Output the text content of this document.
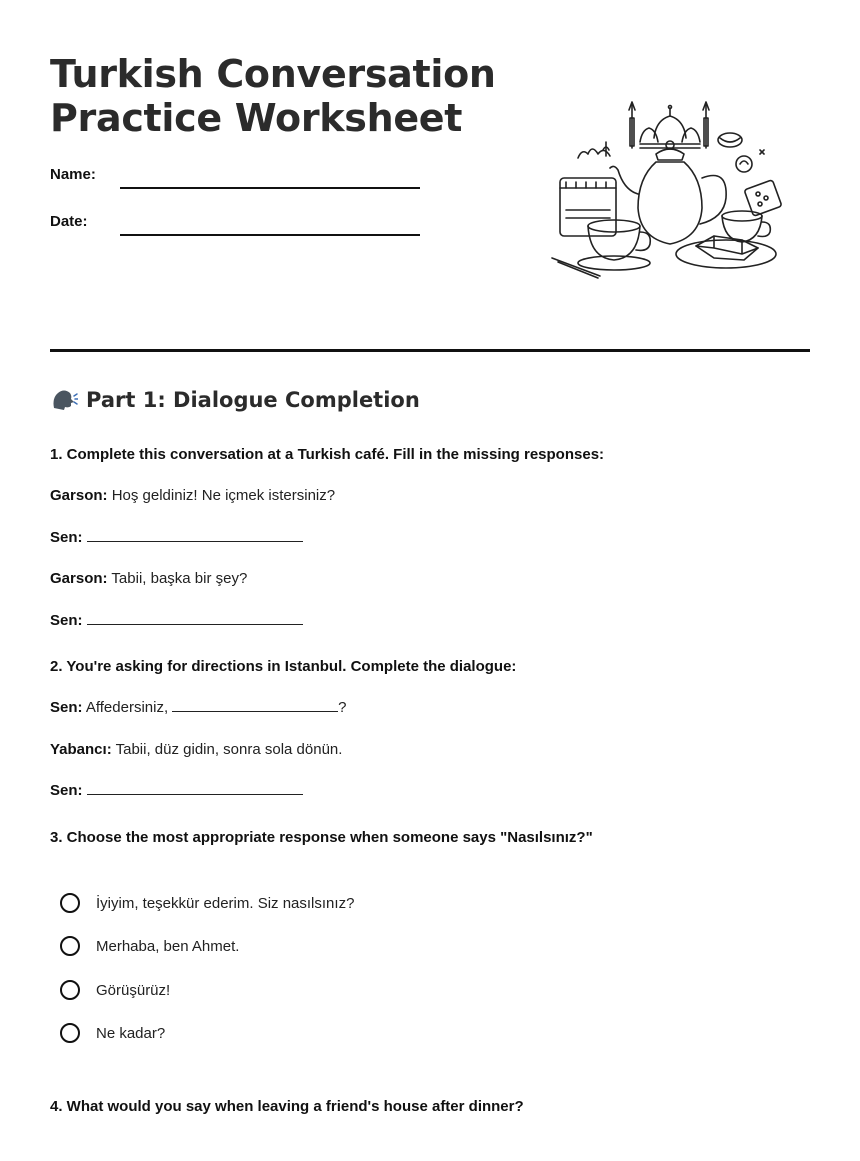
Turkish Conversation
Practice Worksheet
Name:
Date:
Part 1: Dialogue Completion
1. Complete this conversation at a Turkish café. Fill in the missing responses:
Garson: Hoş geldiniz! Ne içmek istersiniz?
Sen:
Garson: Tabii, başka bir şey?
Sen:
2. You're asking for directions in Istanbul. Complete the dialogue:
Sen: Affedersiniz,	?
Yabancı: Tabii, düz gidin, sonra sola dönün.
Sen:
3. Choose the most appropriate response when someone says "Nasılsınız?"
İyiyim, teşekkür ederim. Siz nasılsınız?
Merhaba, ben Ahmet.
Görüşürüz!
Ne kadar?
4. What would you say when leaving a friend's house after dinner?
